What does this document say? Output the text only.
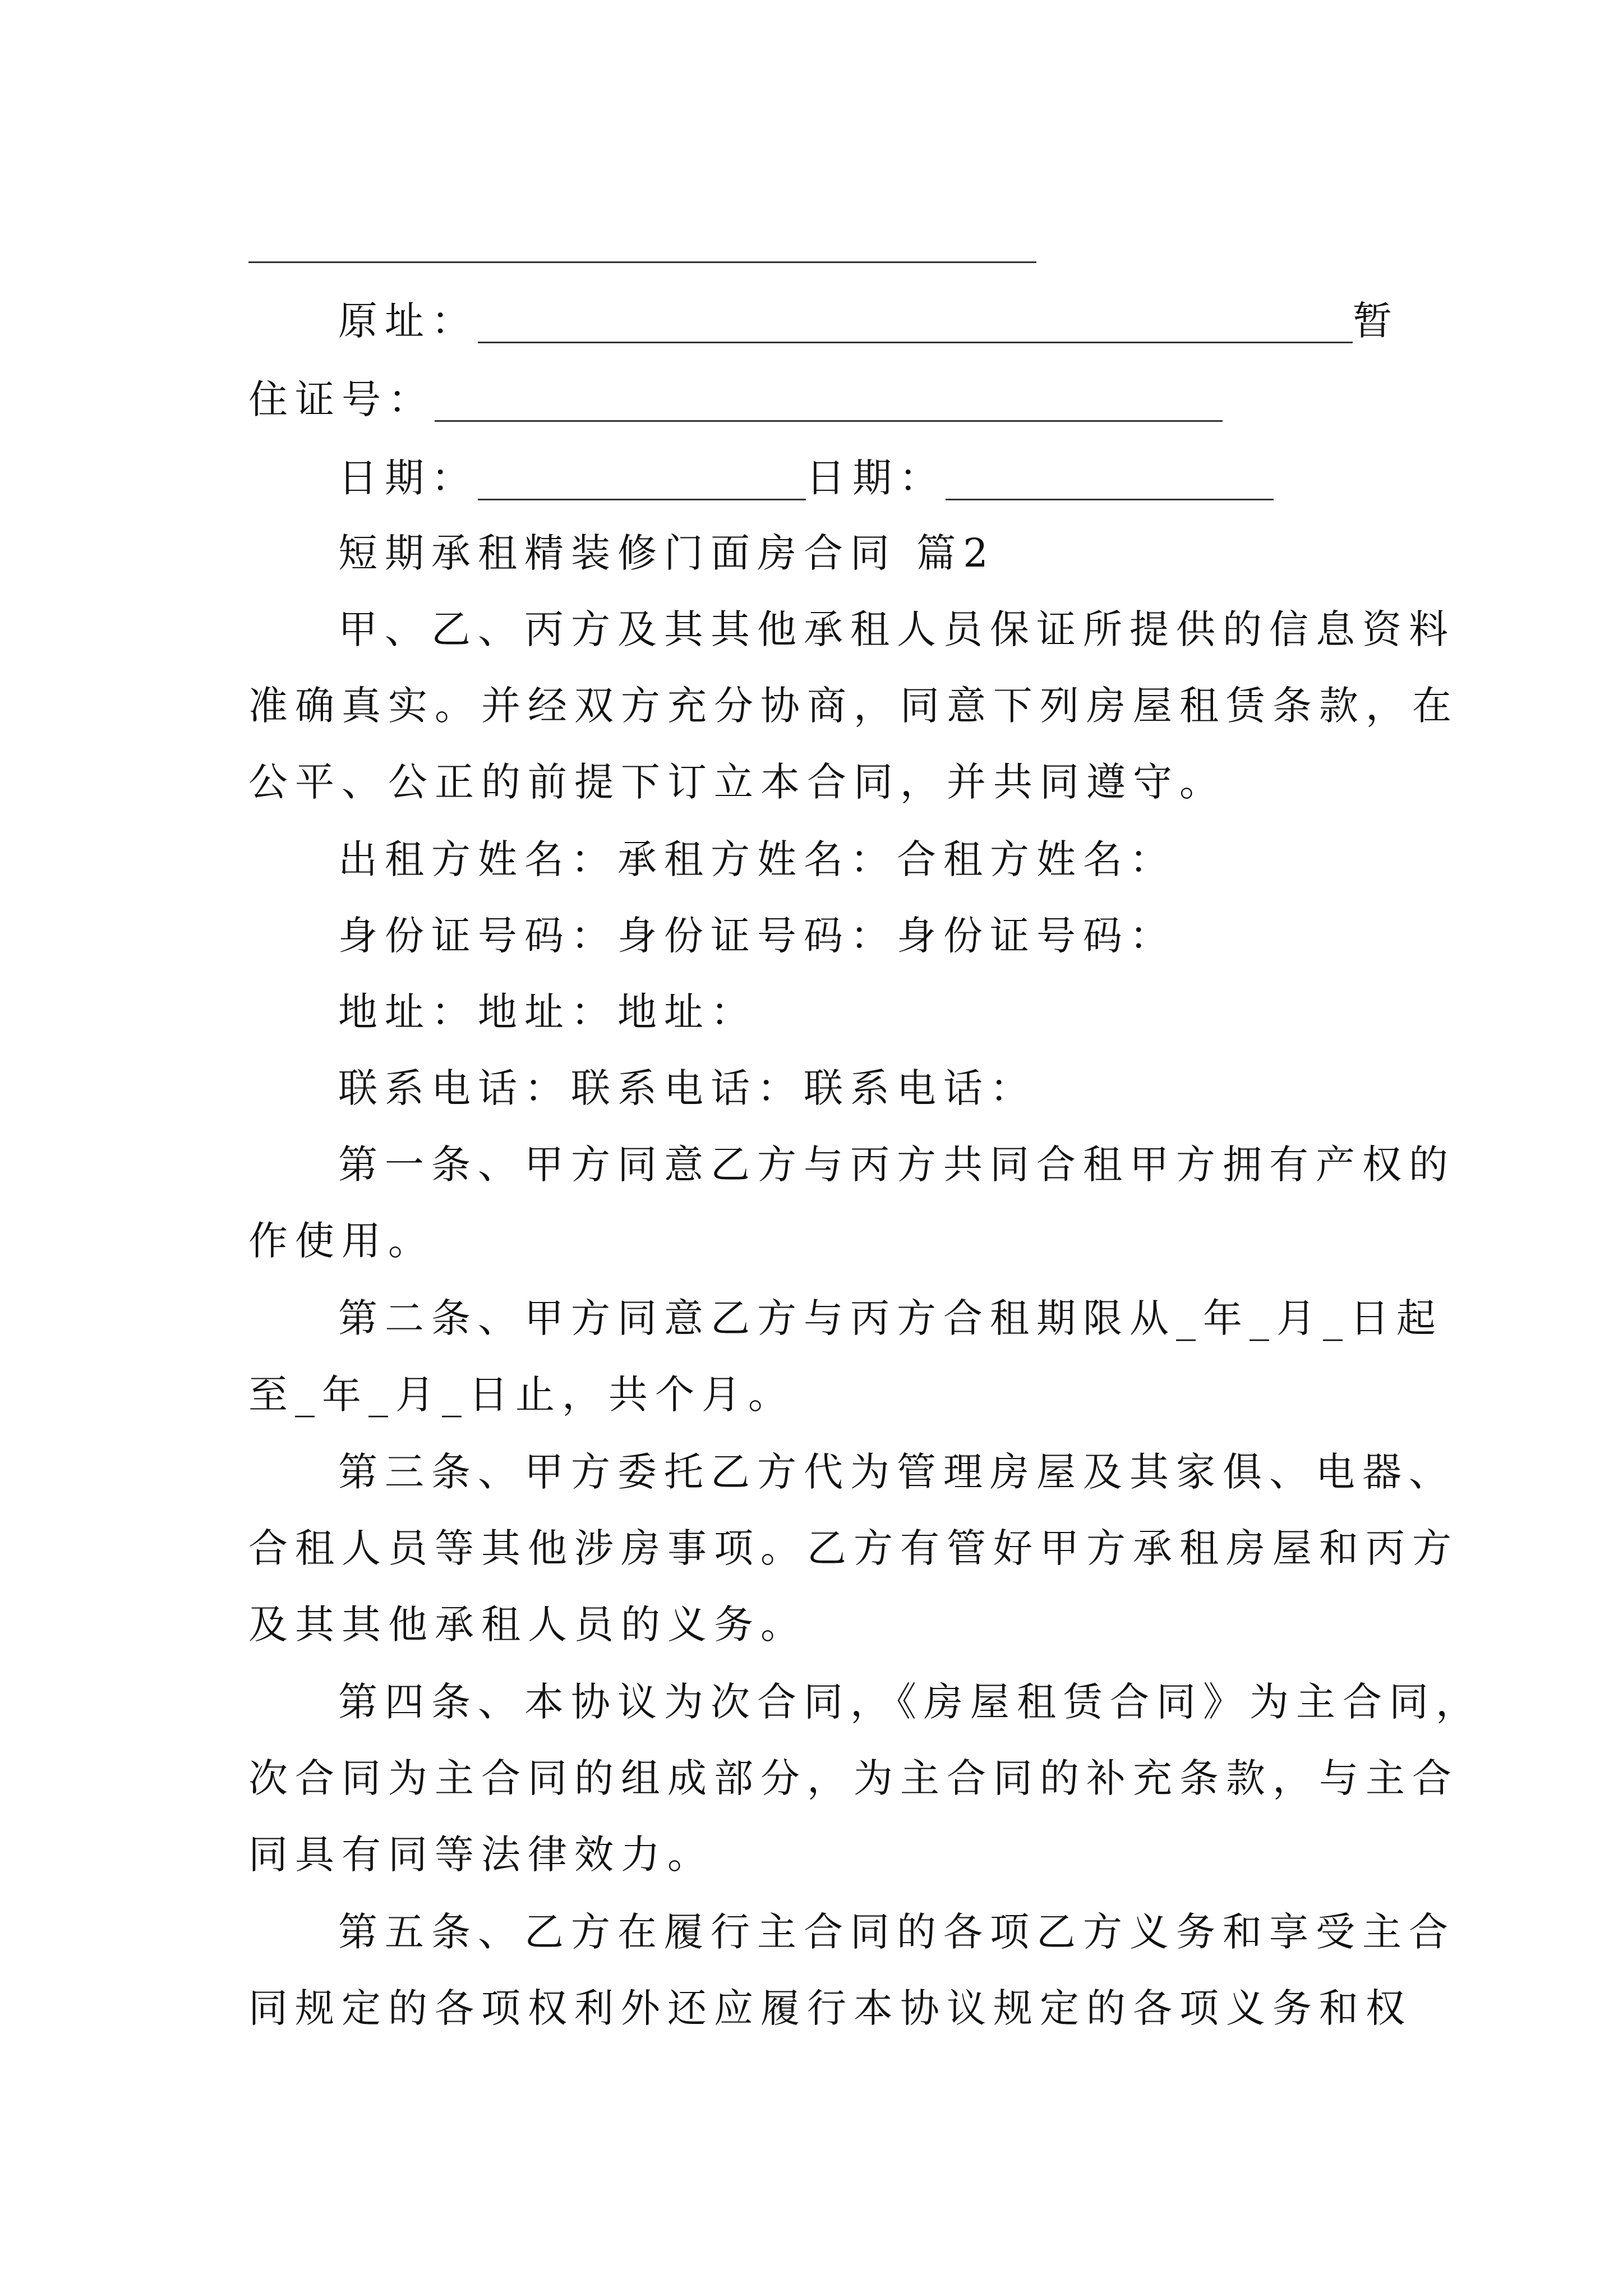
原址：	暂
住证号：
日期：	日期：
短期承租精装修门面房合同 篇2
甲、乙、丙方及其其他承租人员保证所提供的信息资料
准确真实。并经双方充分协商，同意下列房屋租赁条款，在
公平、公正的前提下订立本合同，并共同遵守。
出租方姓名：承租方姓名：合租方姓名：
身份证号码：身份证号码：身份证号码：
地址：地址：地址：
联系电话：联系电话：联系电话：
第一条、甲方同意乙方与丙方共同合租甲方拥有产权的
作使用。
第二条、甲方同意乙方与丙方合租期限从_年_月_日起
至_年_月_日止，共个月。
第三条、甲方委托乙方代为管理房屋及其家俱、电器、
合租人员等其他涉房事项。乙方有管好甲方承租房屋和丙方
及其其他承租人员的义务。
第四条、本协议为次合同，《房屋租赁合同》为主合同，
次合同为主合同的组成部分，为主合同的补充条款，与主合
同具有同等法律效力。
第五条、乙方在履行主合同的各项乙方义务和享受主合
同规定的各项权利外还应履行本协议规定的各项义务和权
